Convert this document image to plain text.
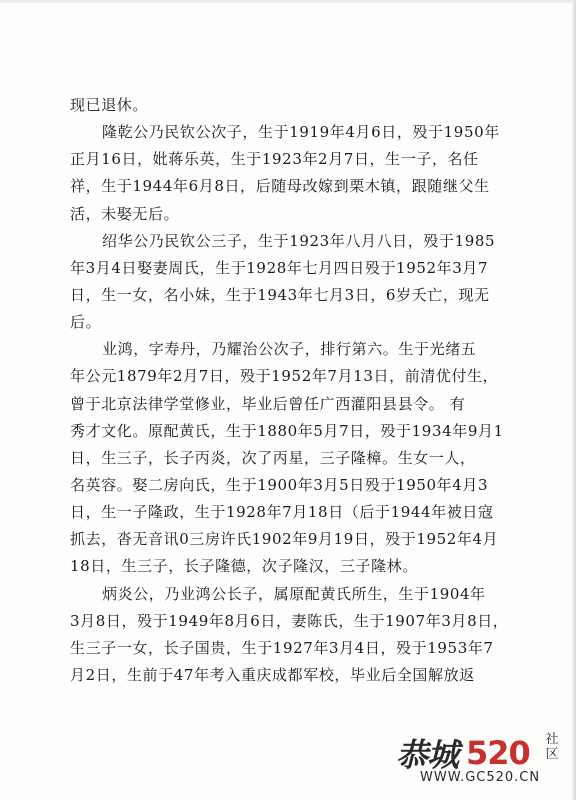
现已退休。
隆乾公乃民钦公次子，生于1919年4月6日，殁于1950年
正月16日，妣蒋乐英，生于1923年2月7日，生一子，名任
祥，生于1944年6月8日，后随母改嫁到栗木镇，跟随继父生
活，未娶无后。
绍华公乃民钦公三子，生于1923年八月八日，殁于1985
年3月4日娶妻周氏，生于1928年七月四日殁于1952年3月7
日，生一女，名小妹，生于1943年七月3日，6岁夭亡，现无
后。
业鸿，字寿丹，乃耀治公次子，排行第六。生于光绪五
年公元1879年2月7日，殁于1952年7月13日，前清优付生，
曾于北京法律学堂修业，毕业后曾任广西灌阳县县令。 有
秀才文化。原配黄氏，生于1880年5月7日，殁于1934年9月1
日，生三子，长子丙炎，次了丙星，三子隆樟。生女一人，
名英容。娶二房向氏，生于1900年3月5日殁于1950年4月3
日，生一子隆政，生于1928年7月18日（后于1944年被日寇
抓去，沓无音讯0三房许氏1902年9月19日，殁于1952年4月
18日，生三子，长子隆德，次子隆汉，三子隆林。
炳炎公，乃业鸿公长子，属原配黄氏所生，生于1904年
3月8日，殁于1949年8月6日，妻陈氏，生于1907年3月8日，
生三子一女，长子国贵，生于1927年3月4日，殁于1953年7
月2日，生前于47年考入重庆成都军校，毕业后全国解放返
恭城 520 社区
WWW.GC520.CN
